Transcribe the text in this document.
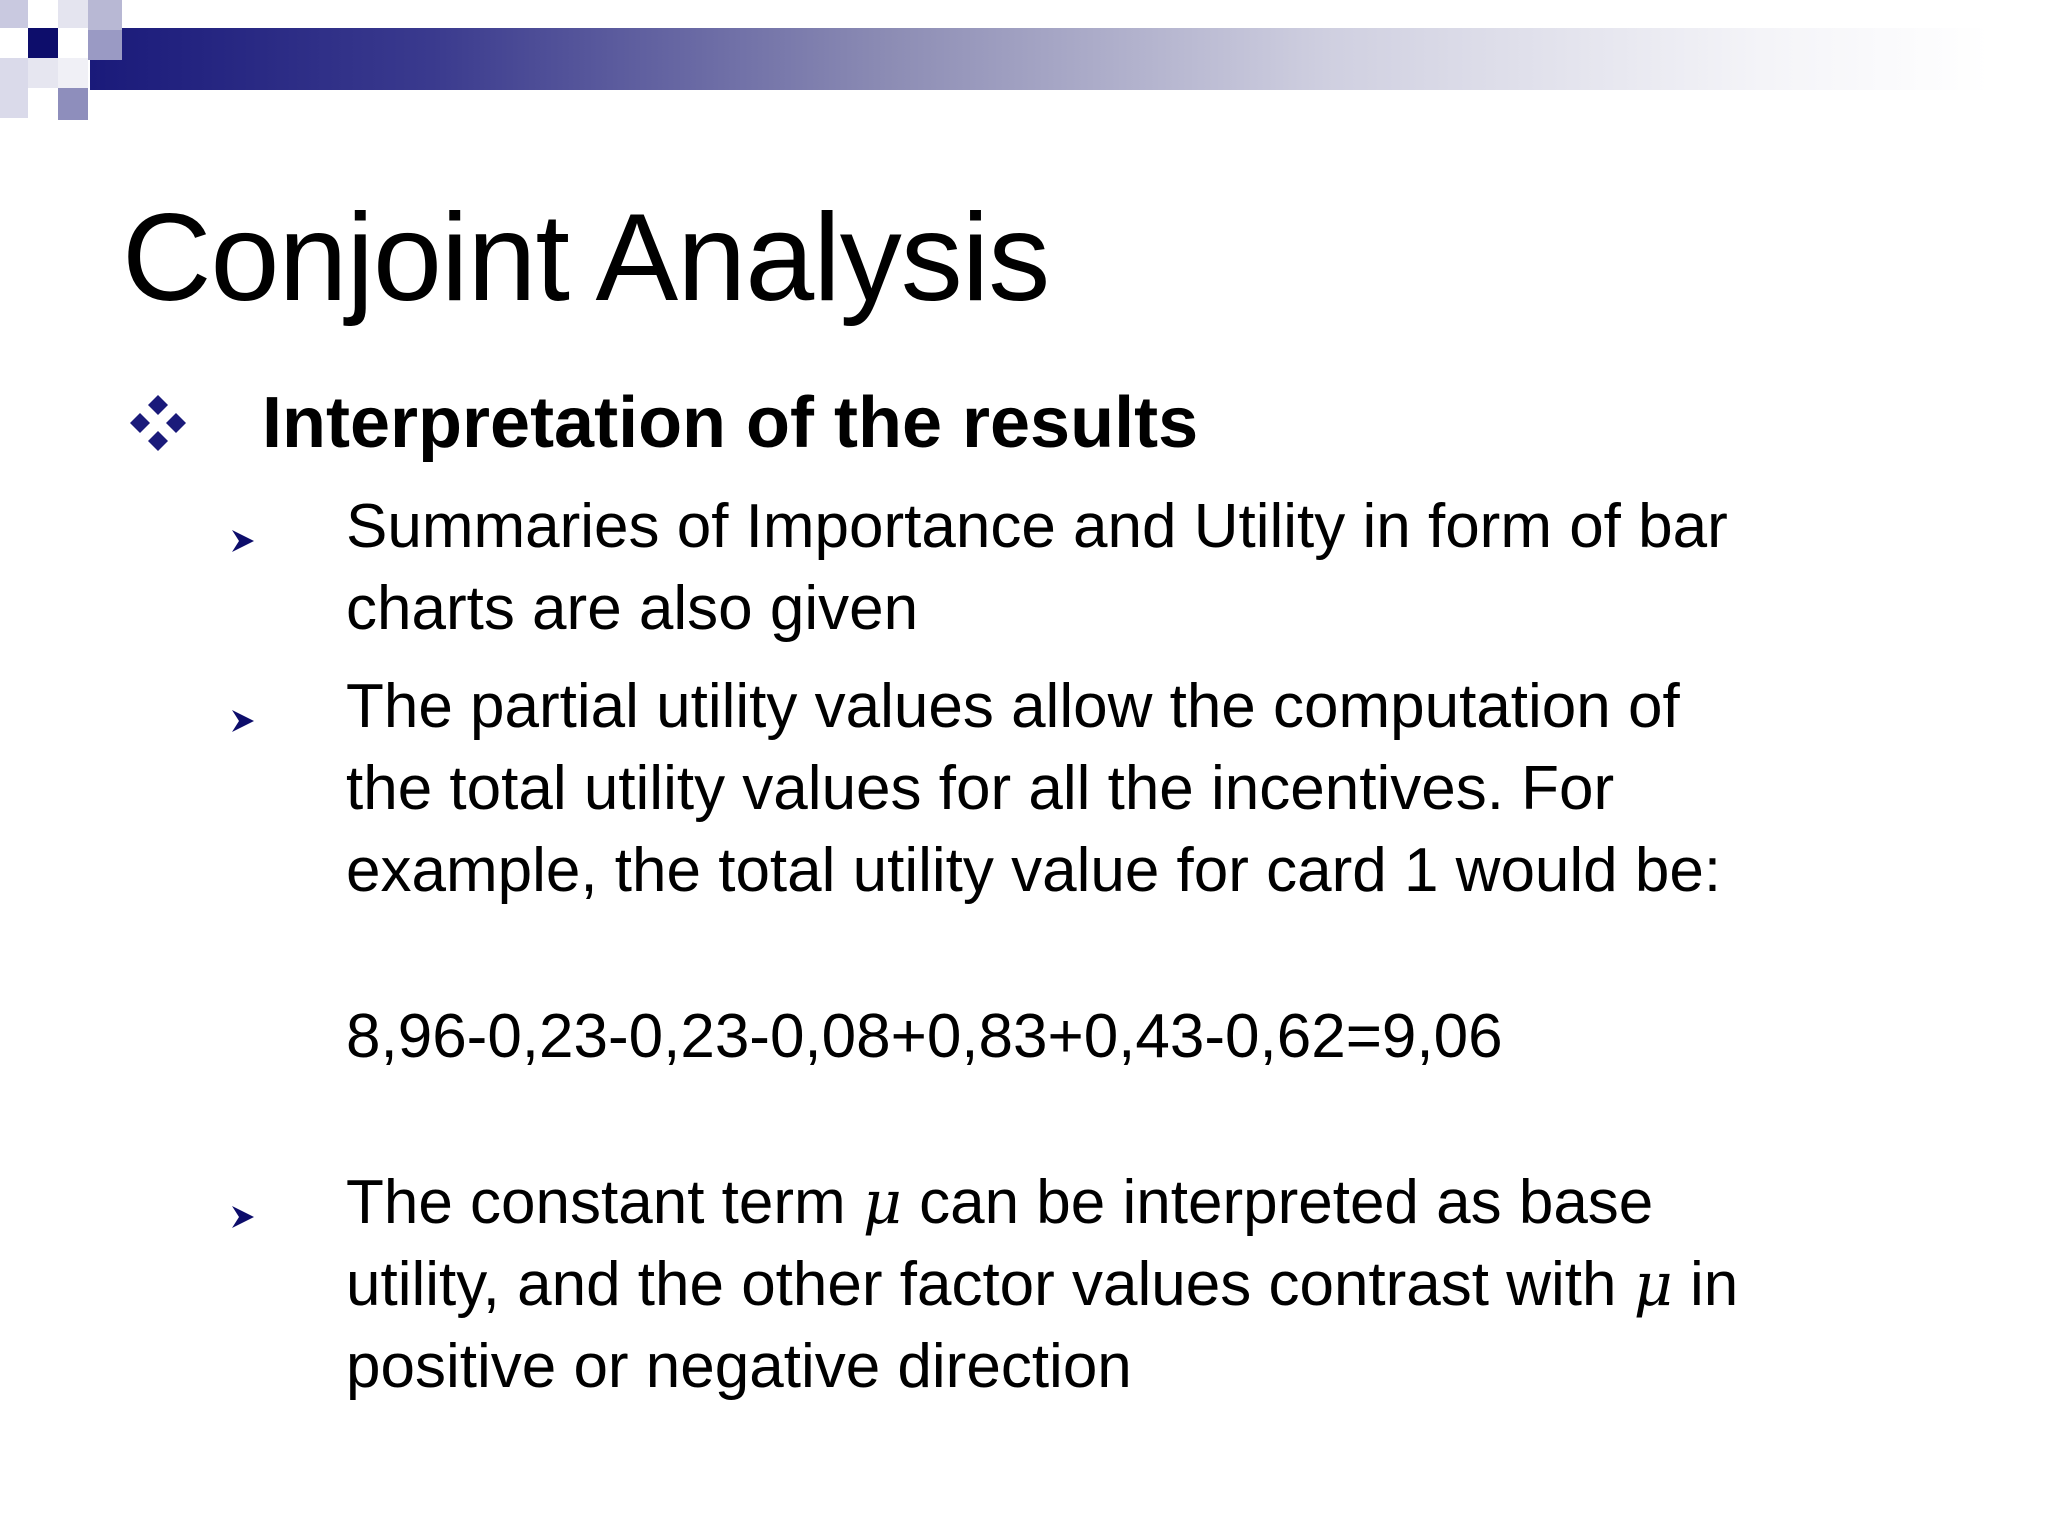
Conjoint Analysis
Interpretation of the results
Summaries of Importance and Utility in form of bar
charts are also given
The partial utility values allow the computation of
the total utility values for all the incentives. For
example, the total utility value for card 1 would be:
8,96-0,23-0,23-0,08+0,83+0,43-0,62=9,06
The constant term μ can be interpreted as base
utility, and the other factor values contrast with μ in
positive or negative direction
